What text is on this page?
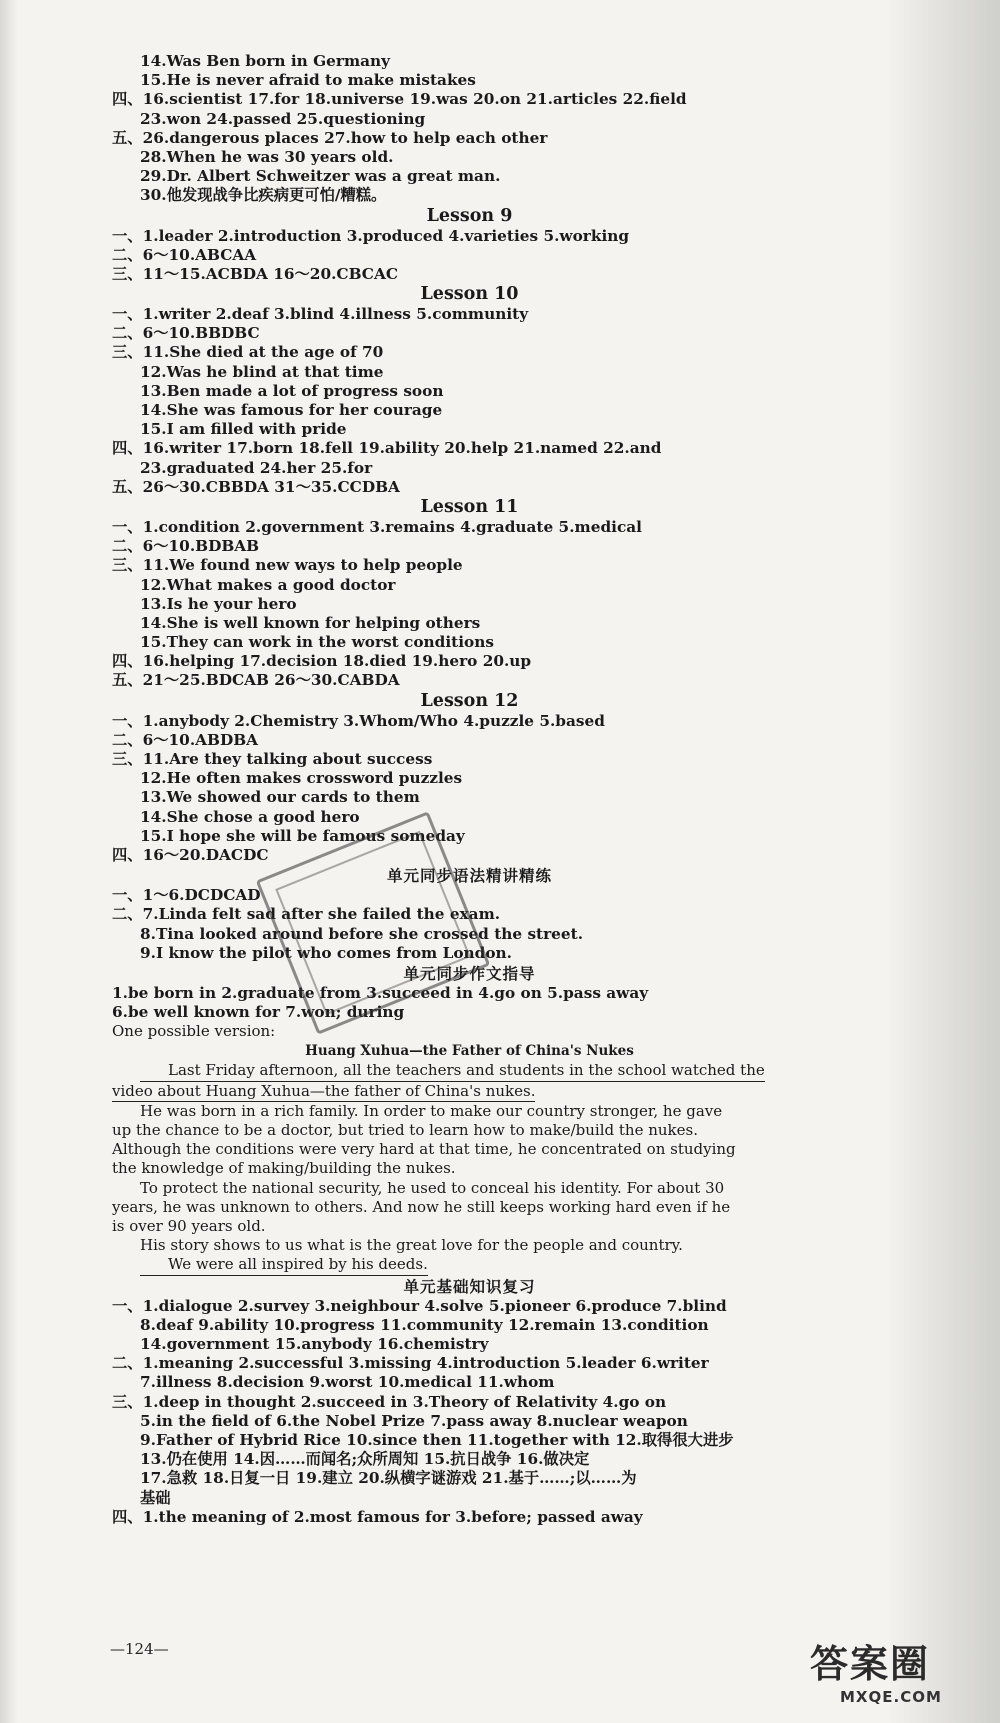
14.Was Ben born in Germany
15.He is never afraid to make mistakes
四、16.scientist 17.for 18.universe 19.was 20.on 21.articles 22.field
23.won 24.passed 25.questioning
五、26.dangerous places 27.how to help each other
28.When he was 30 years old.
29.Dr. Albert Schweitzer was a great man.
30.他发现战争比疾病更可怕/糟糕。
Lesson 9
一、1.leader 2.introduction 3.produced 4.varieties 5.working
二、6～10.ABCAA
三、11～15.ACBDA 16～20.CBCAC
Lesson 10
一、1.writer 2.deaf 3.blind 4.illness 5.community
二、6～10.BBDBC
三、11.She died at the age of 70
12.Was he blind at that time
13.Ben made a lot of progress soon
14.She was famous for her courage
15.I am filled with pride
四、16.writer 17.born 18.fell 19.ability 20.help 21.named 22.and
23.graduated 24.her 25.for
五、26～30.CBBDA 31～35.CCDBA
Lesson 11
一、1.condition 2.government 3.remains 4.graduate 5.medical
二、6～10.BDBAB
三、11.We found new ways to help people
12.What makes a good doctor
13.Is he your hero
14.She is well known for helping others
15.They can work in the worst conditions
四、16.helping 17.decision 18.died 19.hero 20.up
五、21～25.BDCAB 26～30.CABDA
Lesson 12
一、1.anybody 2.Chemistry 3.Whom/Who 4.puzzle 5.based
二、6～10.ABDBA
三、11.Are they talking about success
12.He often makes crossword puzzles
13.We showed our cards to them
14.She chose a good hero
15.I hope she will be famous someday
四、16～20.DACDC
单元同步语法精讲精练
一、1～6.DCDCAD
二、7.Linda felt sad after she failed the exam.
8.Tina looked around before she crossed the street.
9.I know the pilot who comes from London.
单元同步作文指导
1.be born in 2.graduate from 3.succeed in 4.go on 5.pass away
6.be well known for 7.won; during
One possible version:
Huang Xuhua—the Father of China's Nukes
Last Friday afternoon, all the teachers and students in the school watched the
video about Huang Xuhua—the father of China's nukes.
He was born in a rich family. In order to make our country stronger, he gave
up the chance to be a doctor, but tried to learn how to make/build the nukes.
Although the conditions were very hard at that time, he concentrated on studying
the knowledge of making/building the nukes.
To protect the national security, he used to conceal his identity. For about 30
years, he was unknown to others. And now he still keeps working hard even if he
is over 90 years old.
His story shows to us what is the great love for the people and country.
We were all inspired by his deeds.
单元基础知识复习
一、1.dialogue 2.survey 3.neighbour 4.solve 5.pioneer 6.produce 7.blind
8.deaf 9.ability 10.progress 11.community 12.remain 13.condition
14.government 15.anybody 16.chemistry
二、1.meaning 2.successful 3.missing 4.introduction 5.leader 6.writer
7.illness 8.decision 9.worst 10.medical 11.whom
三、1.deep in thought 2.succeed in 3.Theory of Relativity 4.go on
5.in the field of 6.the Nobel Prize 7.pass away 8.nuclear weapon
9.Father of Hybrid Rice 10.since then 11.together with 12.取得很大进步
13.仍在使用 14.因……而闻名;众所周知 15.抗日战争 16.做决定
17.急救 18.日复一日 19.建立 20.纵横字谜游戏 21.基于……;以……为
基础
四、1.the meaning of 2.most famous for 3.before; passed away
—124—	答案圈
MXQE.COM
